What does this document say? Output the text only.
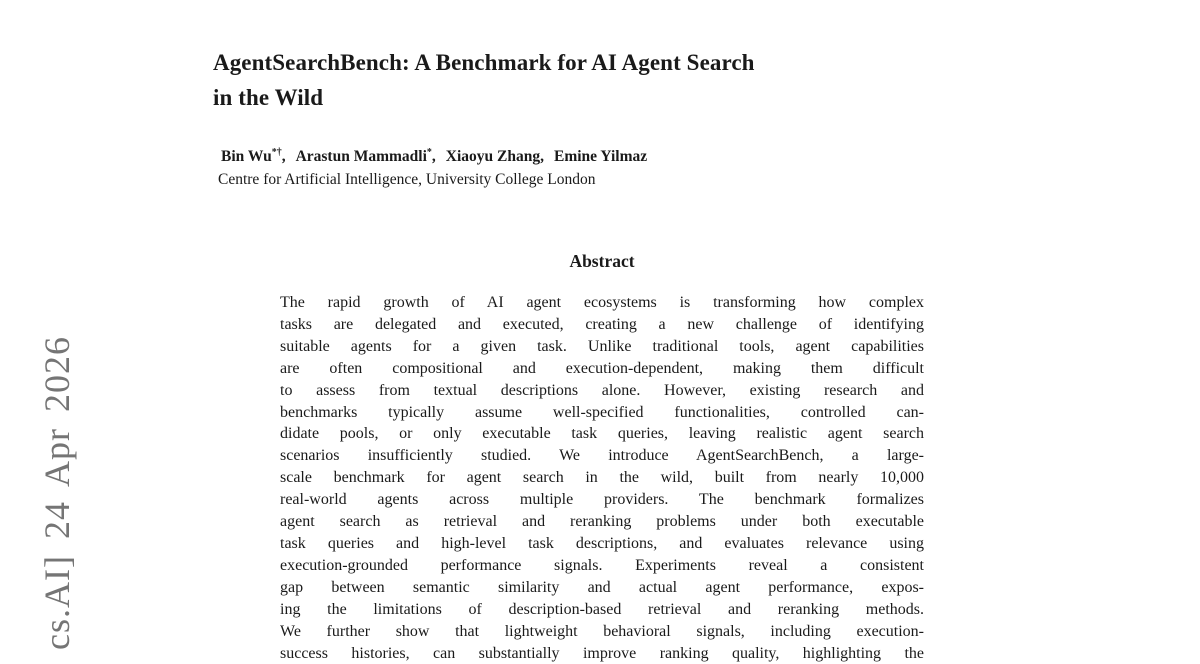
cs.AI] 24 Apr 2026
AgentSearchBench: A Benchmark for AI Agent Search
in the Wild
Bin Wu*†, Arastun Mammadli*, Xiaoyu Zhang, Emine Yilmaz
Centre for Artificial Intelligence, University College London
Abstract
The rapid growth of AI agent ecosystems is transforming how complex
tasks are delegated and executed, creating a new challenge of identifying
suitable agents for a given task. Unlike traditional tools, agent capabilities
are often compositional and execution-dependent, making them difficult
to assess from textual descriptions alone. However, existing research and
benchmarks typically assume well-specified functionalities, controlled can-
didate pools, or only executable task queries, leaving realistic agent search
scenarios insufficiently studied. We introduce AgentSearchBench, a large-
scale benchmark for agent search in the wild, built from nearly 10,000
real-world agents across multiple providers. The benchmark formalizes
agent search as retrieval and reranking problems under both executable
task queries and high-level task descriptions, and evaluates relevance using
execution-grounded performance signals. Experiments reveal a consistent
gap between semantic similarity and actual agent performance, expos-
ing the limitations of description-based retrieval and reranking methods.
We further show that lightweight behavioral signals, including execution-
success histories, can substantially improve ranking quality, highlighting the
